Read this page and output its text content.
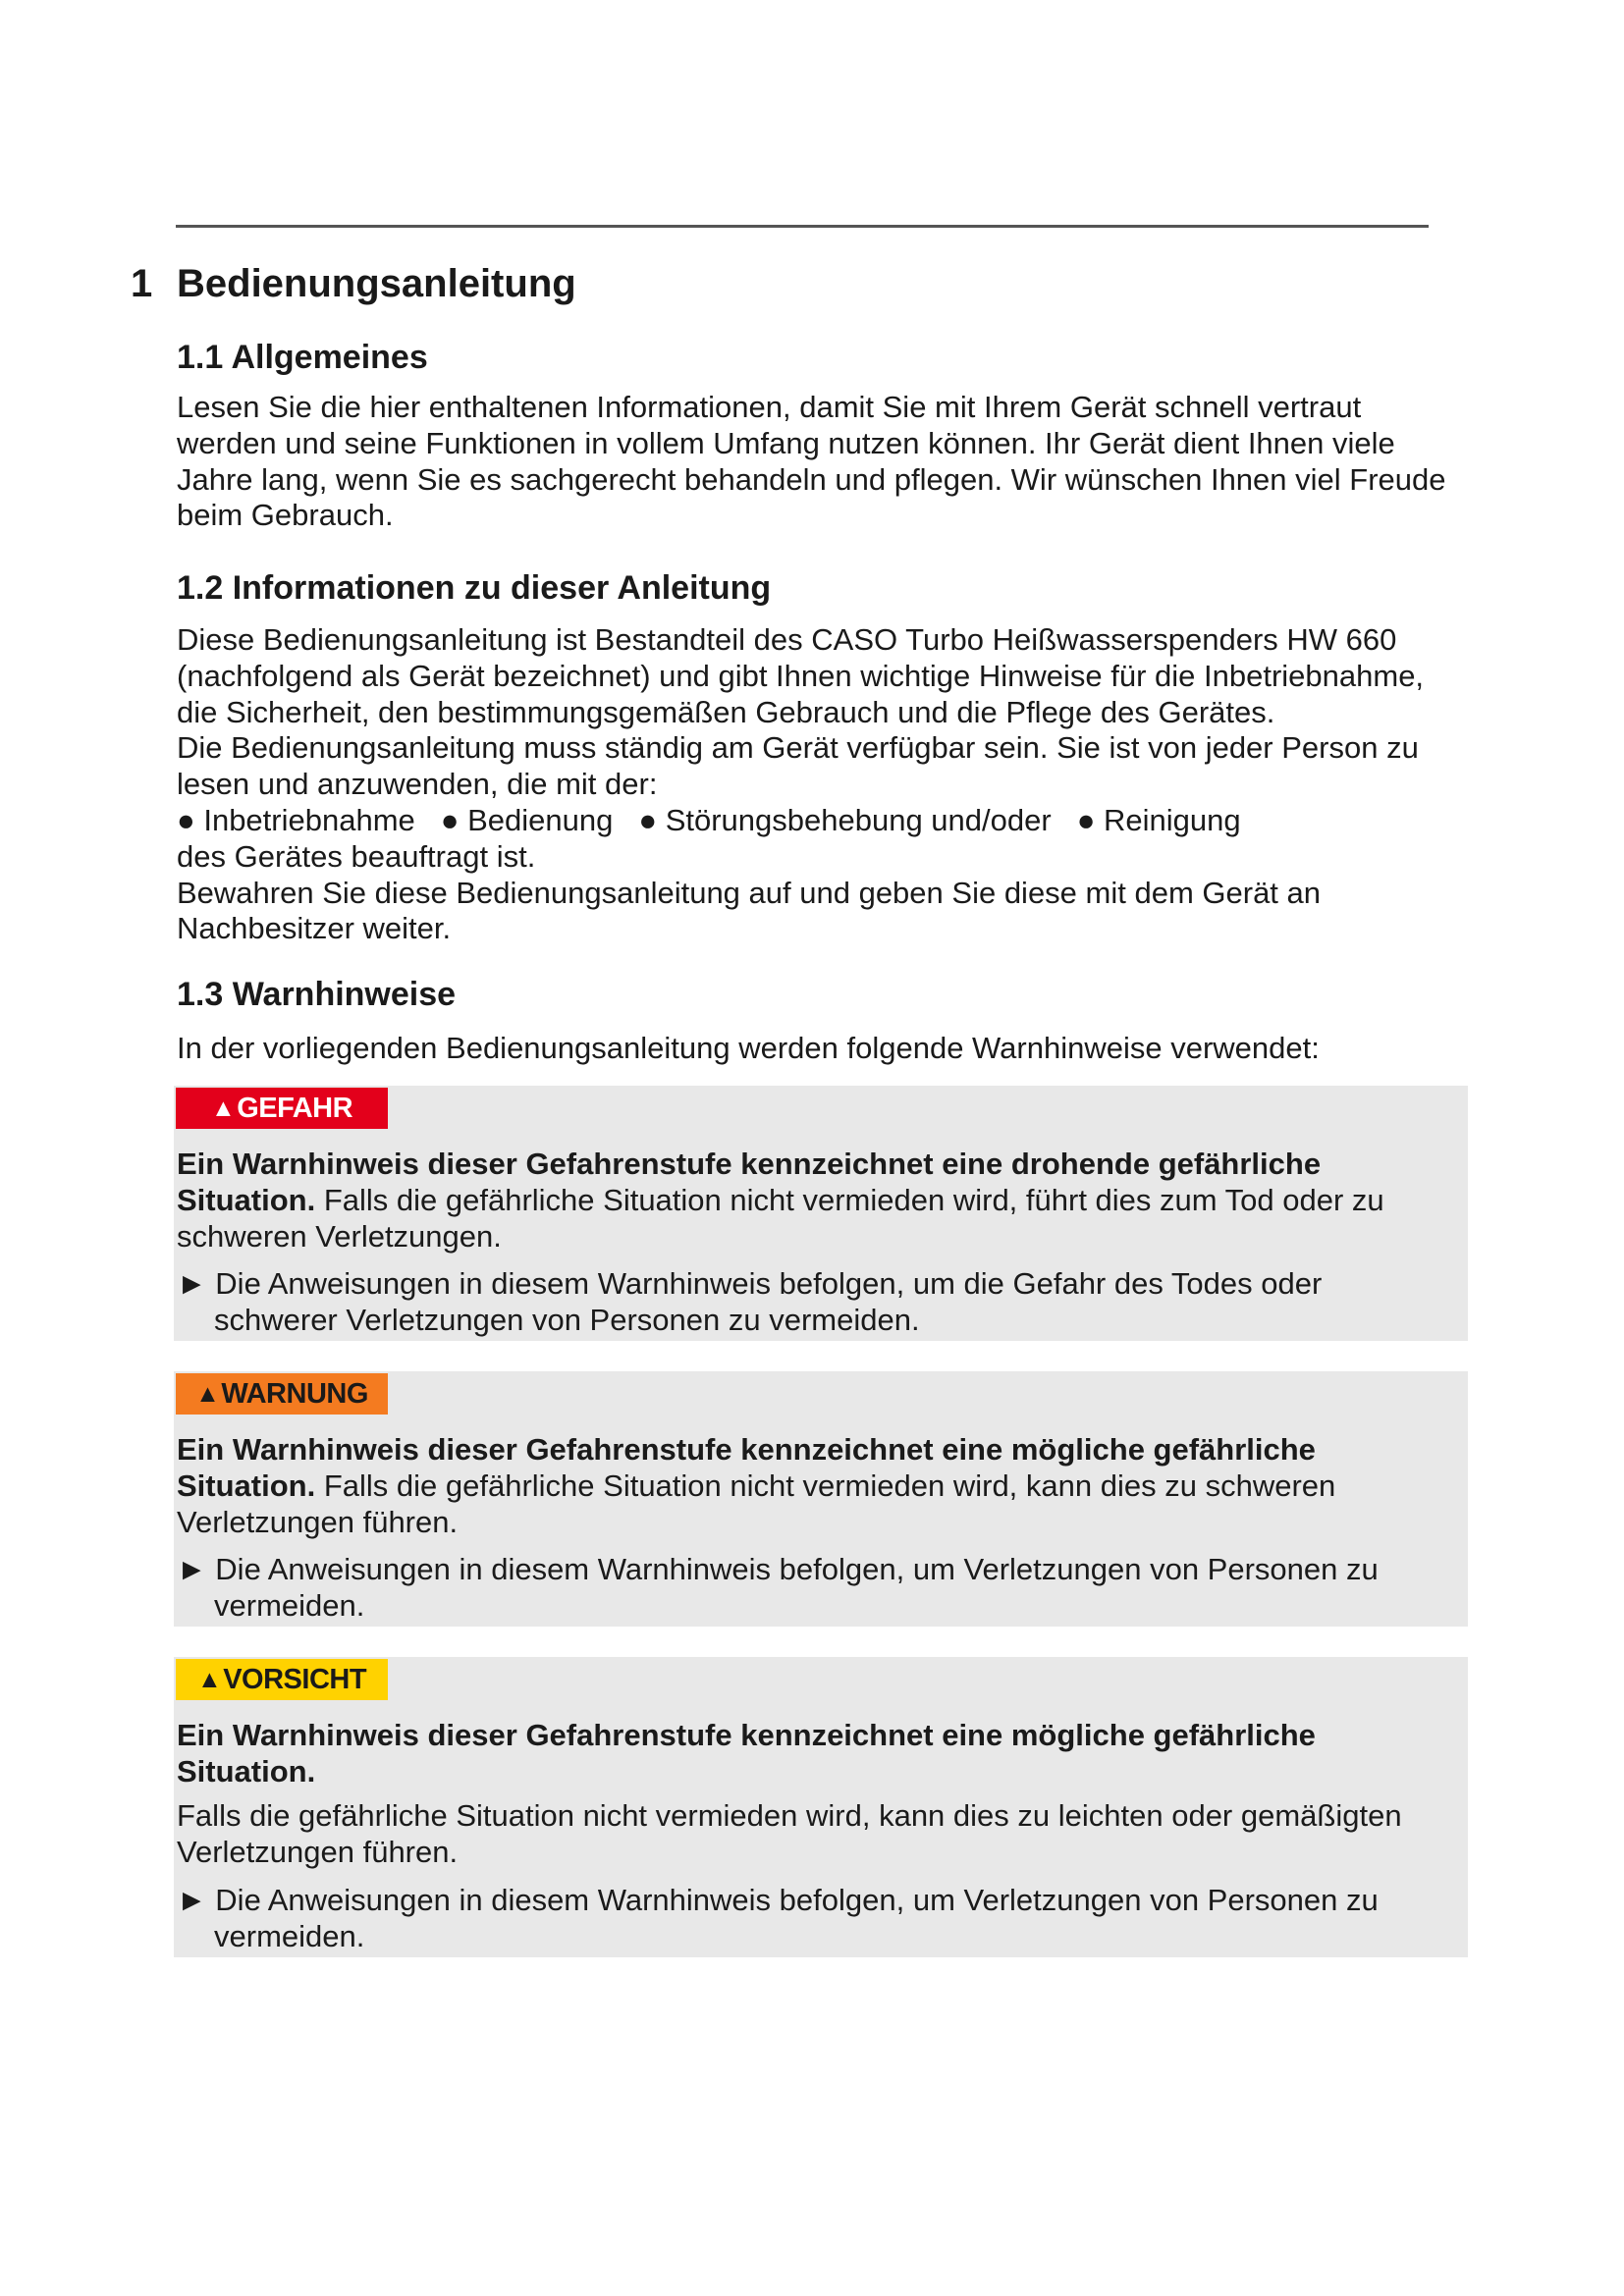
1 Bedienungsanleitung
1.1 Allgemeines
Lesen Sie die hier enthaltenen Informationen, damit Sie mit Ihrem Gerät schnell vertraut
werden und seine Funktionen in vollem Umfang nutzen können. Ihr Gerät dient Ihnen viele
Jahre lang, wenn Sie es sachgerecht behandeln und pflegen. Wir wünschen Ihnen viel Freude
beim Gebrauch.
1.2 Informationen zu dieser Anleitung
Diese Bedienungsanleitung ist Bestandteil des CASO Turbo Heißwasserspenders HW 660
(nachfolgend als Gerät bezeichnet) und gibt Ihnen wichtige Hinweise für die Inbetriebnahme,
die Sicherheit, den bestimmungsgemäßen Gebrauch und die Pflege des Gerätes.
Die Bedienungsanleitung muss ständig am Gerät verfügbar sein. Sie ist von jeder Person zu
lesen und anzuwenden, die mit der:
● Inbetriebnahme ● Bedienung ● Störungsbehebung und/oder ● Reinigung
des Gerätes beauftragt ist.
Bewahren Sie diese Bedienungsanleitung auf und geben Sie diese mit dem Gerät an
Nachbesitzer weiter.
1.3 Warnhinweise
In der vorliegenden Bedienungsanleitung werden folgende Warnhinweise verwendet:
▲GEFAHR
Ein Warnhinweis dieser Gefahrenstufe kennzeichnet eine drohende gefährliche
Situation. Falls die gefährliche Situation nicht vermieden wird, führt dies zum Tod oder zu
schweren Verletzungen.
► Die Anweisungen in diesem Warnhinweis befolgen, um die Gefahr des Todes oder
schwerer Verletzungen von Personen zu vermeiden.
▲WARNUNG
Ein Warnhinweis dieser Gefahrenstufe kennzeichnet eine mögliche gefährliche
Situation. Falls die gefährliche Situation nicht vermieden wird, kann dies zu schweren
Verletzungen führen.
► Die Anweisungen in diesem Warnhinweis befolgen, um Verletzungen von Personen zu
vermeiden.
▲VORSICHT
Ein Warnhinweis dieser Gefahrenstufe kennzeichnet eine mögliche gefährliche
Situation.
Falls die gefährliche Situation nicht vermieden wird, kann dies zu leichten oder gemäßigten
Verletzungen führen.
► Die Anweisungen in diesem Warnhinweis befolgen, um Verletzungen von Personen zu
vermeiden.
